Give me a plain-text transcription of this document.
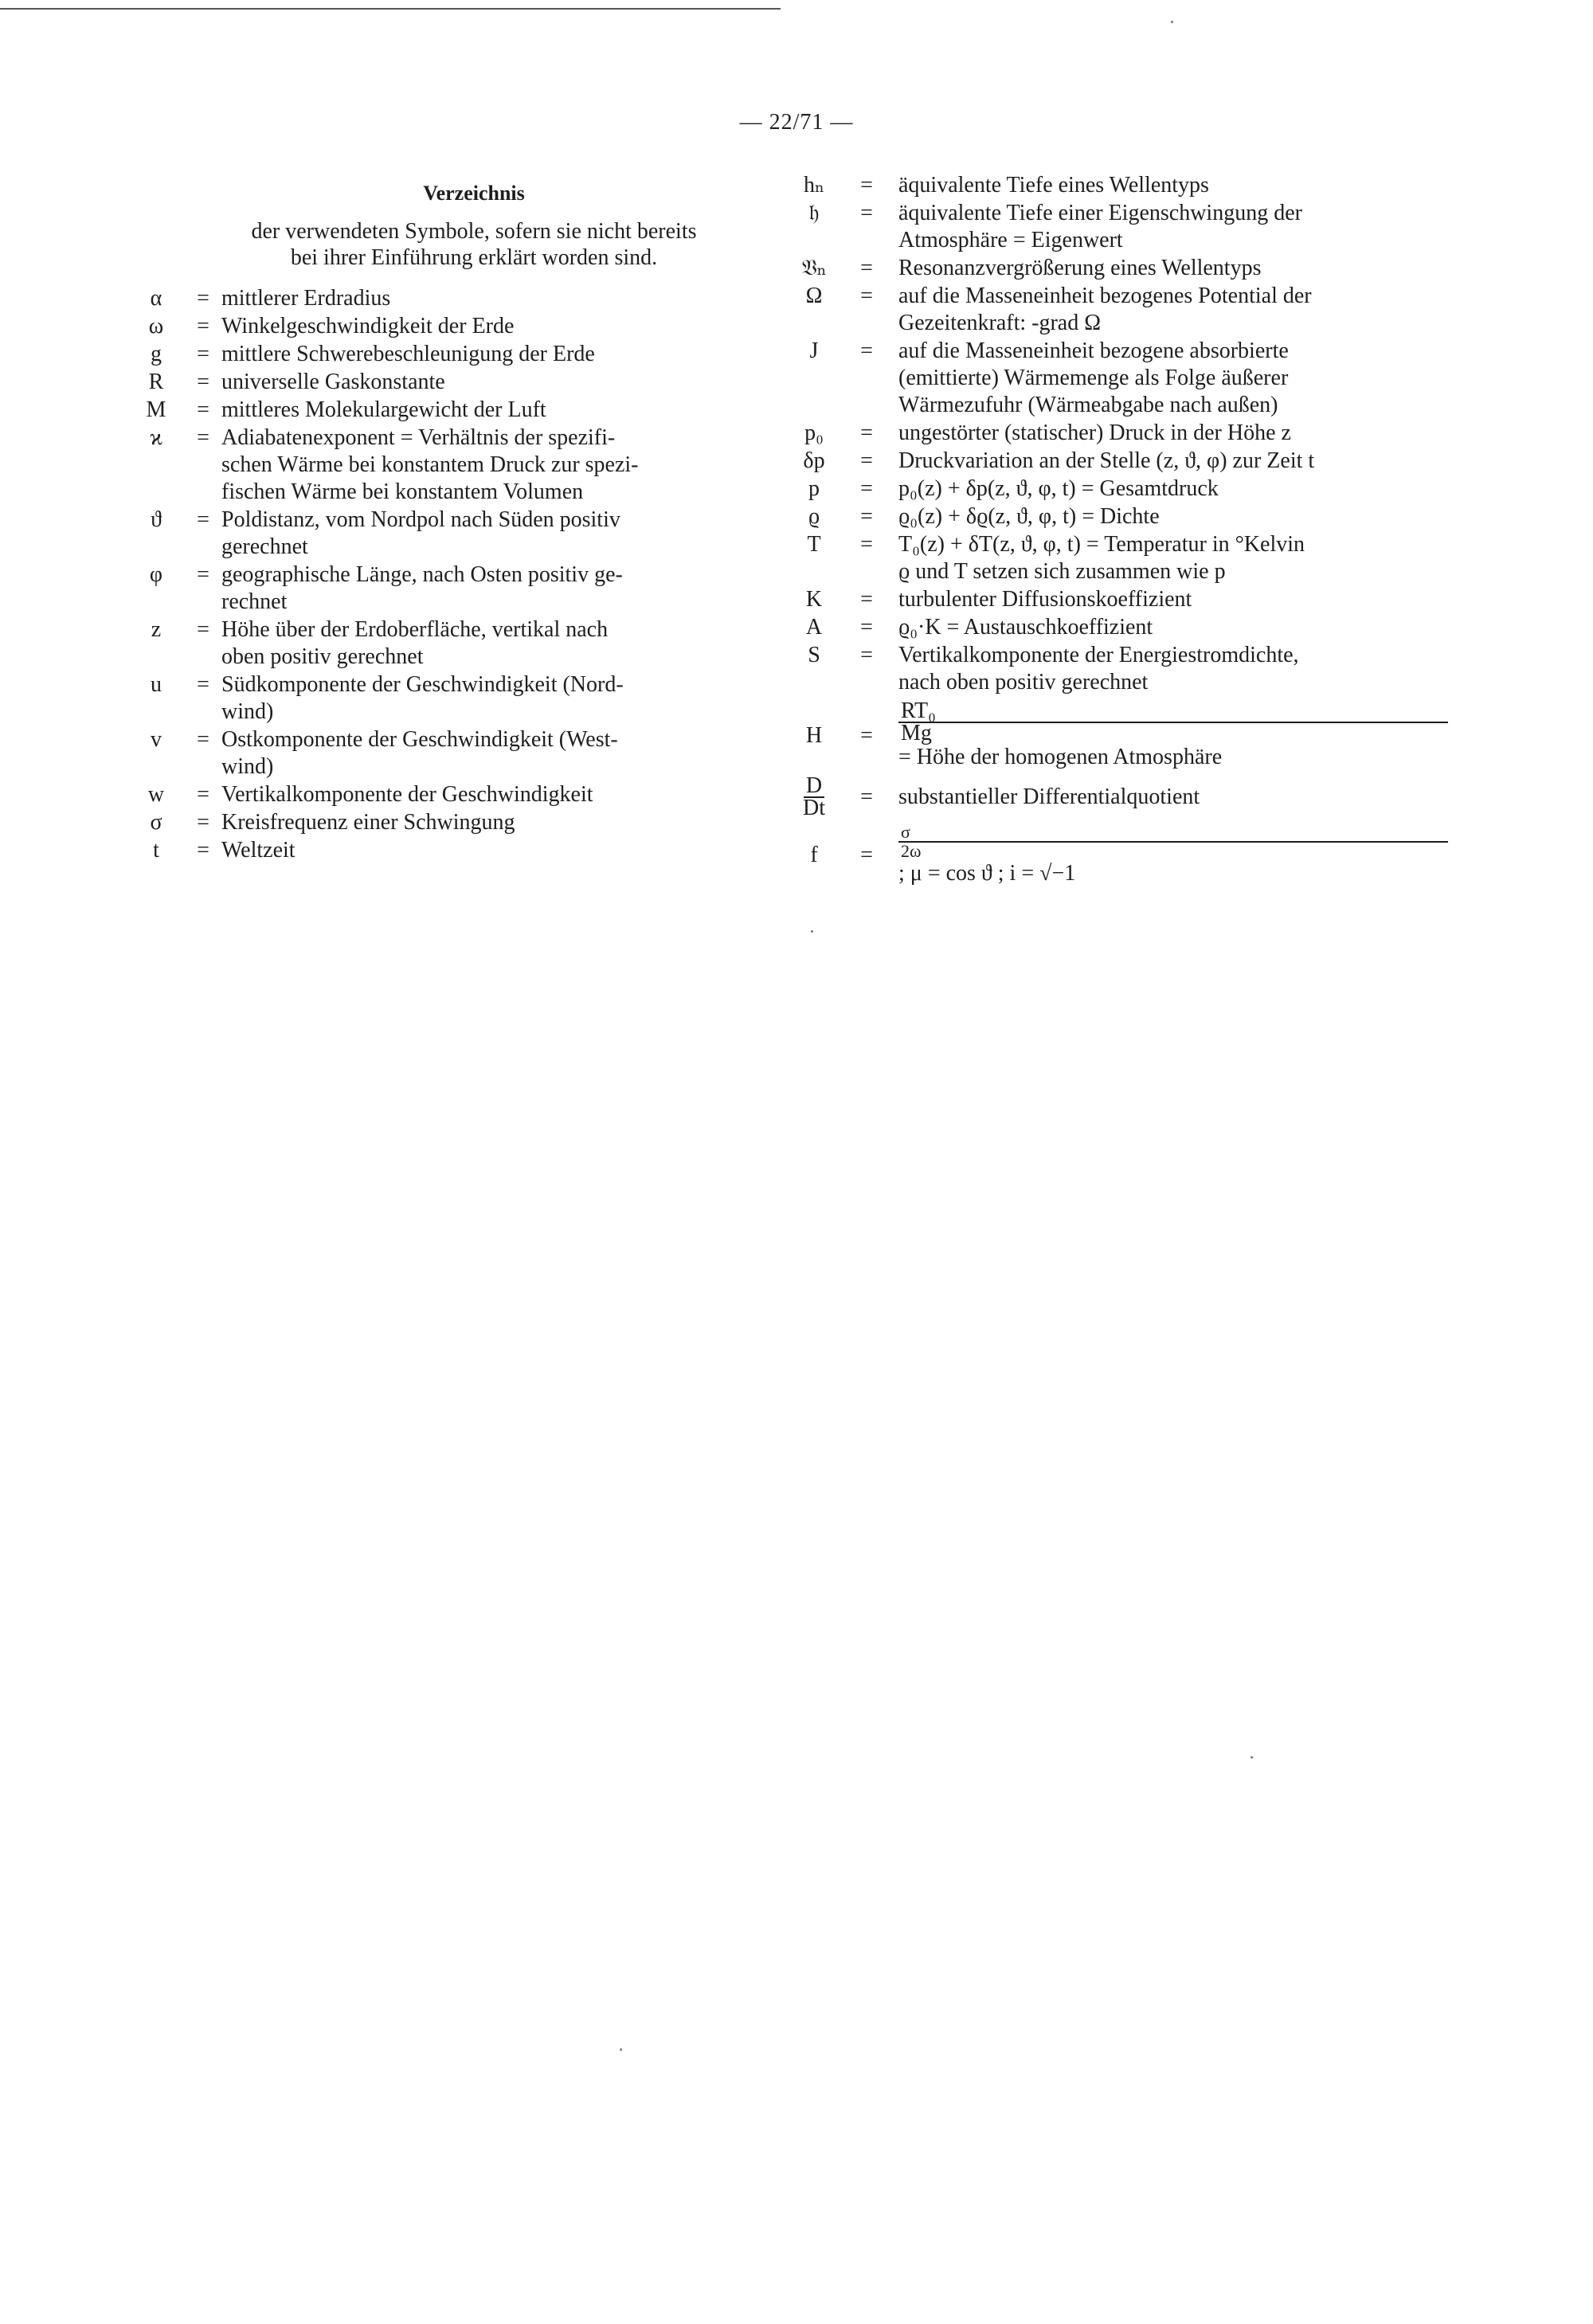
— 22/71 —
Verzeichnis
der verwendeten Symbole, sofern sie nicht bereits
bei ihrer Einführung erklärt worden sind.
α	= mittlerer Erdradius
ω	= Winkelgeschwindigkeit der Erde
g	= mittlere Schwerebeschleunigung der Erde
R	= universelle Gaskonstante
M	= mittleres Molekulargewicht der Luft
ϰ	= Adiabatenexponent = Verhältnis der spezifi-
schen Wärme bei konstantem Druck zur spezi-
fischen Wärme bei konstantem Volumen
ϑ	= Poldistanz, vom Nordpol nach Süden positiv
gerechnet
φ	= geographische Länge, nach Osten positiv ge-
rechnet
z	= Höhe über der Erdoberfläche, vertikal nach
oben positiv gerechnet
u	= Südkomponente der Geschwindigkeit (Nord-
wind)
v	= Ostkomponente der Geschwindigkeit (West-
wind)
w	= Vertikalkomponente der Geschwindigkeit
σ	= Kreisfrequenz einer Schwingung
t	= Weltzeit
hₙ	=	äquivalente Tiefe eines Wellentyps
𝔥	=	äquivalente Tiefe einer Eigenschwingung der
Atmosphäre = Eigenwert
𝔙ₙ	=	Resonanzvergrößerung eines Wellentyps
Ω	=	auf die Masseneinheit bezogenes Potential der
Gezeitenkraft: -grad Ω
J	=	auf die Masseneinheit bezogene absorbierte
(emittierte) Wärmemenge als Folge äußerer
Wärmezufuhr (Wärmeabgabe nach außen)
p₀	=	ungestörter (statischer) Druck in der Höhe z
δp	=	Druckvariation an der Stelle (z, ϑ, φ) zur Zeit t
p	=	p₀(z) + δp(z, ϑ, φ, t) = Gesamtdruck
ϱ	=	ϱ₀(z) + δϱ(z, ϑ, φ, t) = Dichte
T	=	T₀(z) + δT(z, ϑ, φ, t) = Temperatur in °Kelvin
ϱ und T setzen sich zusammen wie p
K	=	turbulenter Diffusionskoeffizient
A	=	ϱ₀·K = Austauschkoeffizient
S	=	Vertikalkomponente der Energiestromdichte,
nach oben positiv gerechnet
H	=
RT₀
Mg
= Höhe der homogenen Atmosphäre
$\frac{D}{Dt}$	=	substantieller Differentialquotient
f	=
σ
2ω
; μ = cos ϑ ; i = √−1
